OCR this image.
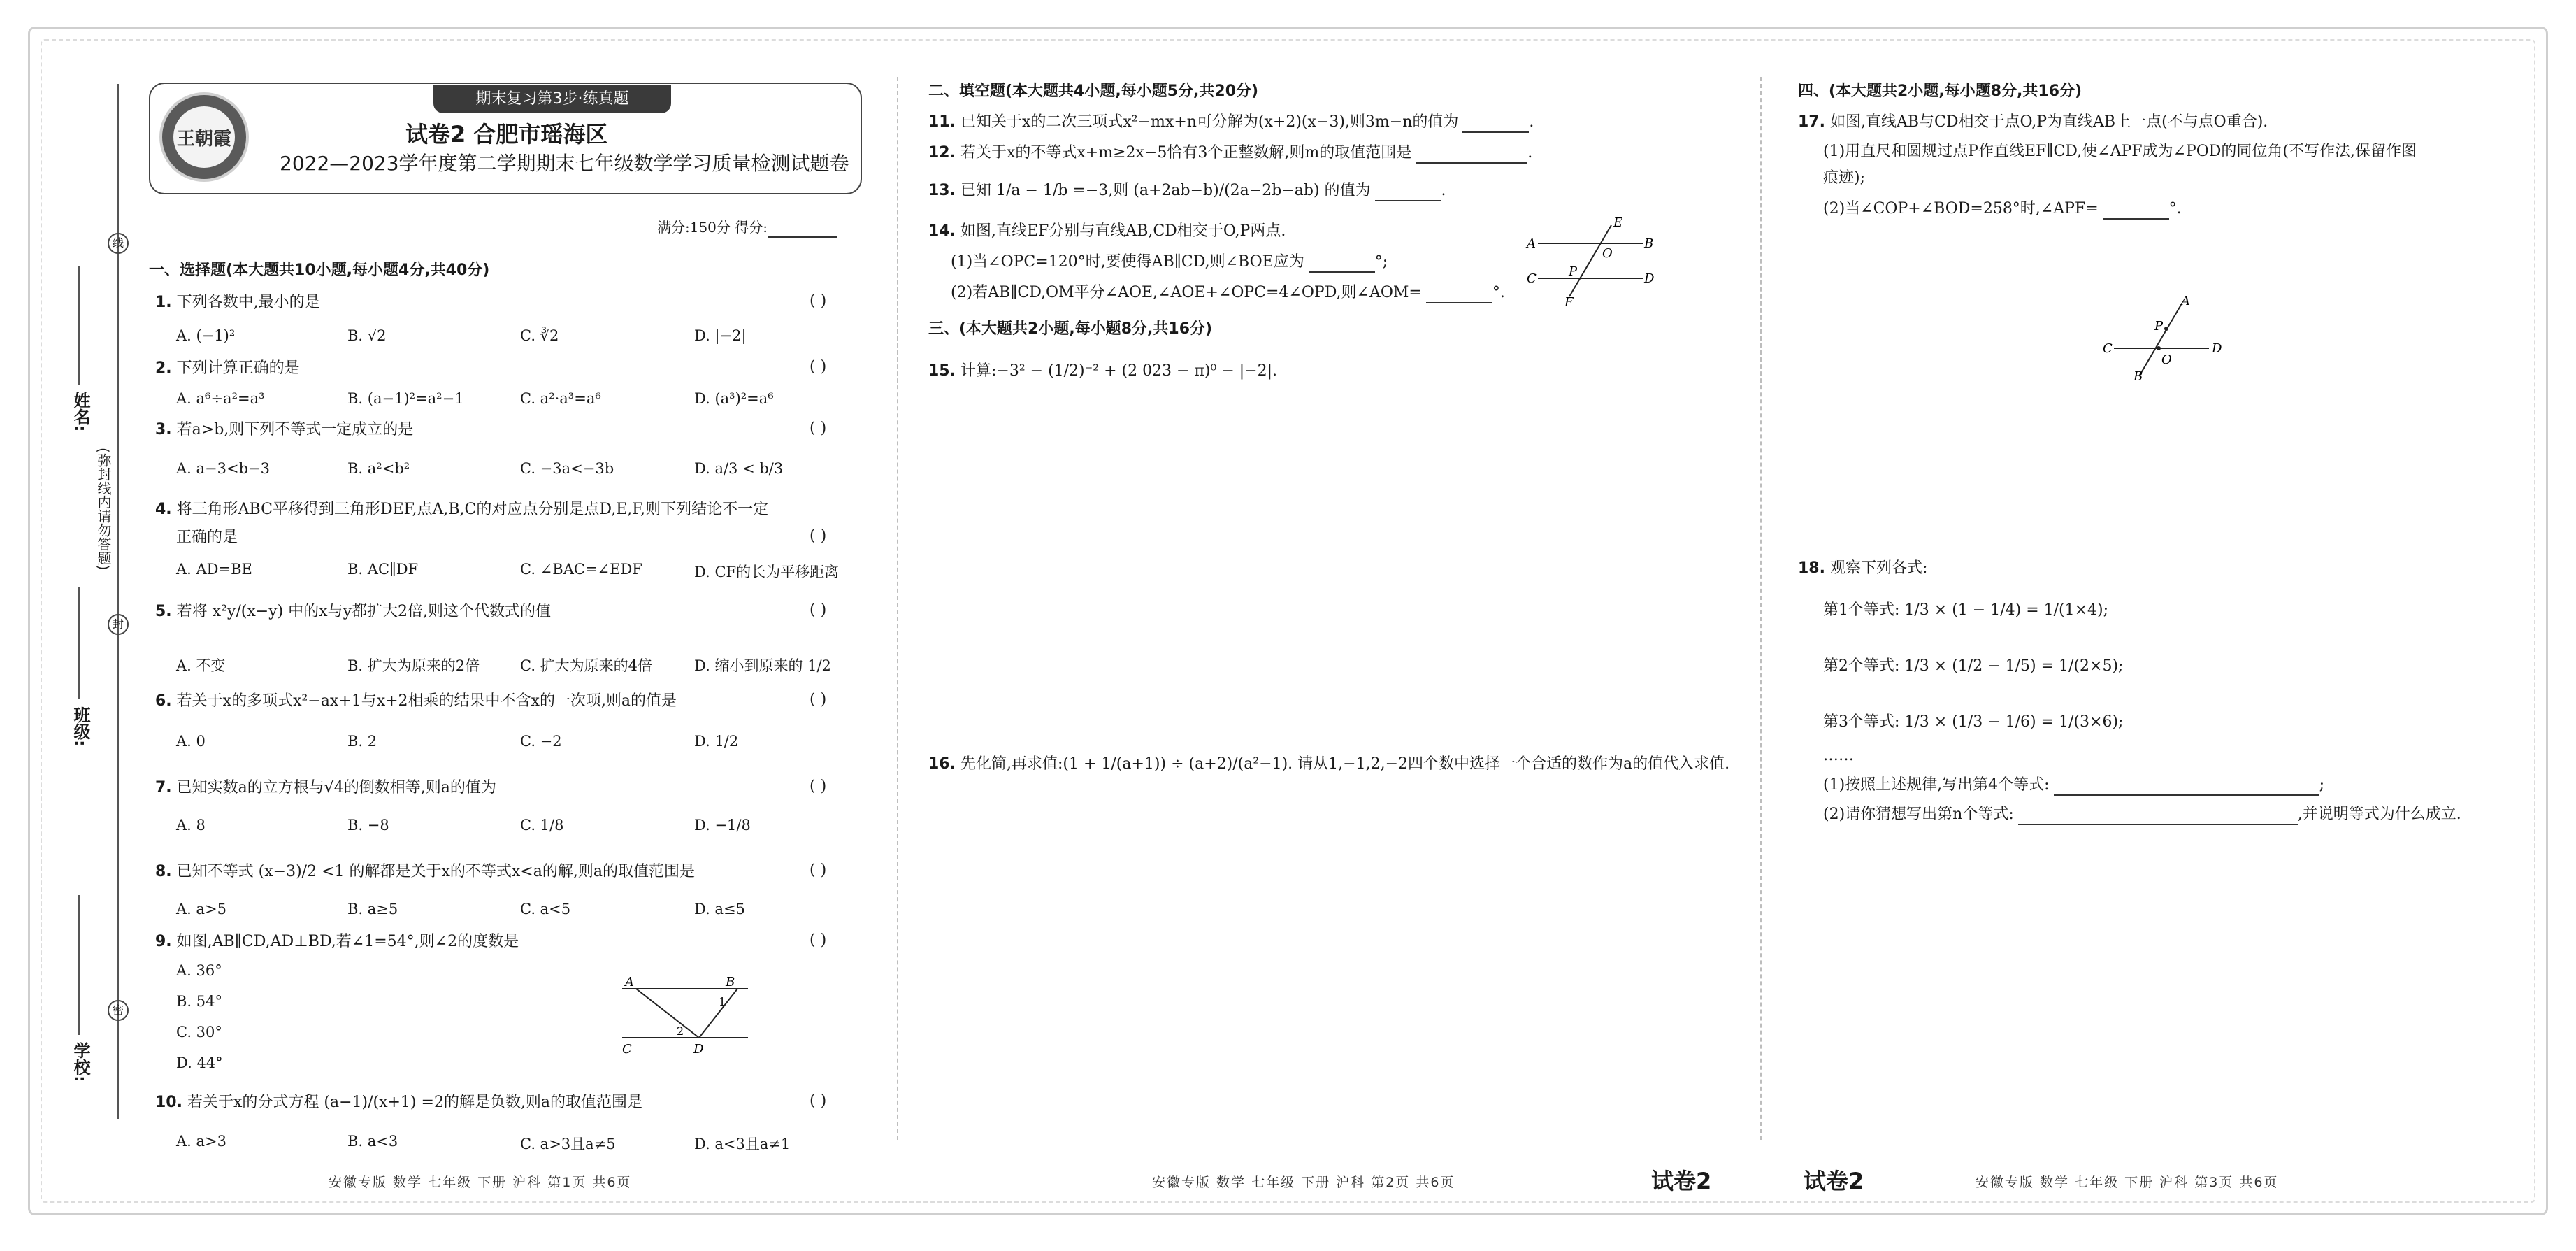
线
封
密
(弥封线内请勿答题)
姓名:
班级:
学校:
期末复习第3步·练真题
王朝霞	试卷2 合肥市瑶海区
2022—2023学年度第二学期期末七年级数学学习质量检测试题卷
满分:150分 得分:
一、选择题(本大题共10小题,每小题4分,共40分)
1. 下列各数中,最小的是	( )
A. (−1)²	B. √2	C. ∛2	D. |−2|
2. 下列计算正确的是	( )
A. a⁶÷a²=a³	B. (a−1)²=a²−1	C. a²·a³=a⁶	D. (a³)²=a⁶
3. 若a>b,则下列不等式一定成立的是	( )
A. a−3<b−3	B. a²<b²	C. −3a<−3b	D. a/3 < b/3
4. 将三角形ABC平移得到三角形DEF,点A,B,C的对应点分别是点D,E,F,则下列结论不一定
正确的是	( )
A. AD=BE	B. AC∥DF	C. ∠BAC=∠EDF	D. CF的长为平移距离
5. 若将 x²y/(x−y) 中的x与y都扩大2倍,则这个代数式的值	( )
A. 不变	B. 扩大为原来的2倍	C. 扩大为原来的4倍	D. 缩小到原来的 1/2
6. 若关于x的多项式x²−ax+1与x+2相乘的结果中不含x的一次项,则a的值是	( )
A. 0	B. 2	C. −2	D. 1/2
7. 已知实数a的立方根与√4的倒数相等,则a的值为	( )
A. 8	B. −8	C. 1/8	D. −1/8
8. 已知不等式 (x−3)/2 <1 的解都是关于x的不等式x<a的解,则a的取值范围是	( )
A. a>5	B. a≥5	C. a<5	D. a≤5
9. 如图,AB∥CD,AD⊥BD,若∠1=54°,则∠2的度数是	( )
A. 36°
B. 54°
C. 30°
D. 44°
A	B
C	D
1
2
10. 若关于x的分式方程 (a−1)/(x+1) =2的解是负数,则a的取值范围是	( )
A. a>3	B. a<3	C. a>3且a≠5	D. a<3且a≠1
安徽专版 数学 七年级 下册 沪科 第1页 共6页
二、填空题(本大题共4小题,每小题5分,共20分)
11. 已知关于x的二次三项式x²−mx+n可分解为(x+2)(x−3),则3m−n的值为	.
12. 若关于x的不等式x+m≥2x−5恰有3个正整数解,则m的取值范围是	.
13. 已知 1/a − 1/b =−3,则 (a+2ab−b)/(2a−2b−ab) 的值为	.
14. 如图,直线EF分别与直线AB,CD相交于O,P两点.
(1)当∠OPC=120°时,要使得AB∥CD,则∠BOE应为	°;
(2)若AB∥CD,OM平分∠AOE,∠AOE+∠OPC=4∠OPD,则∠AOM=	°.
A	B
C	D
E
F
O
P
三、(本大题共2小题,每小题8分,共16分)
15. 计算:−3² − (1/2)⁻² + (2 023 − π)⁰ − |−2|.
16. 先化简,再求值:(1 + 1/(a+1)) ÷ (a+2)/(a²−1). 请从1,−1,2,−2四个数中选择一个合适的数作为a的值代入求值.
安徽专版 数学 七年级 下册 沪科 第2页 共6页	试卷2
四、(本大题共2小题,每小题8分,共16分)
17. 如图,直线AB与CD相交于点O,P为直线AB上一点(不与点O重合).
(1)用直尺和圆规过点P作直线EF∥CD,使∠APF成为∠POD的同位角(不写作法,保留作图
痕迹);
(2)当∠COP+∠BOD=258°时,∠APF=	°.
C	D
A
B
P
O
18. 观察下列各式:
第1个等式: 1/3 × (1 − 1/4) = 1/(1×4);
第2个等式: 1/3 × (1/2 − 1/5) = 1/(2×5);
第3个等式: 1/3 × (1/3 − 1/6) = 1/(3×6);
……
(1)按照上述规律,写出第4个等式:	;
(2)请你猜想写出第n个等式:	,并说明等式为什么成立.
试卷2	安徽专版 数学 七年级 下册 沪科 第3页 共6页
